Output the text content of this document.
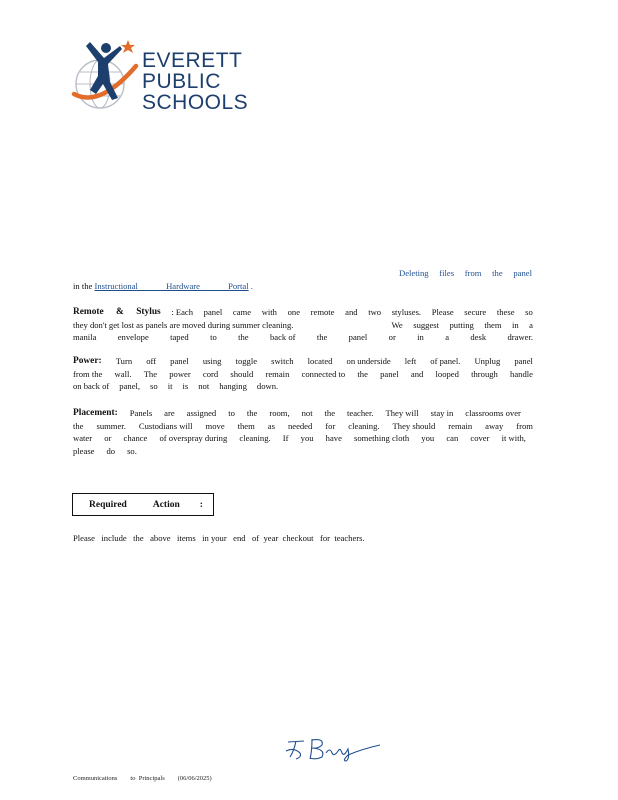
EVERETT
PUBLIC
SCHOOLS
Deleting files from the panel
in the Instructional Hardware Portal .
Remote & Stylus : Each panel came with one remote and two styluses. Please secure these so
they don't get lost as panels are moved during summer cleaning.	We suggest putting them in a
manila envelope taped to the back of the panel or in a desk drawer.
Power: Turn off panel using toggle switch located on underside left of panel. Unplug panel
from the wall. The power cord should remain connected to the panel and looped through handle
on back of panel, so it is not hanging down.
Placement: Panels are assigned to the room, not the teacher. They will stay in classrooms over
the summer. Custodians will move them as needed for cleaning. They should remain away from
water or chance of overspray during cleaning. If you have something cloth you can cover it with,
please do so.
Required	Action :
Please   include   the   above   items   in your   end   of  year  checkout   for  teachers.
Communications        to  Principals        (06/06/2025)
